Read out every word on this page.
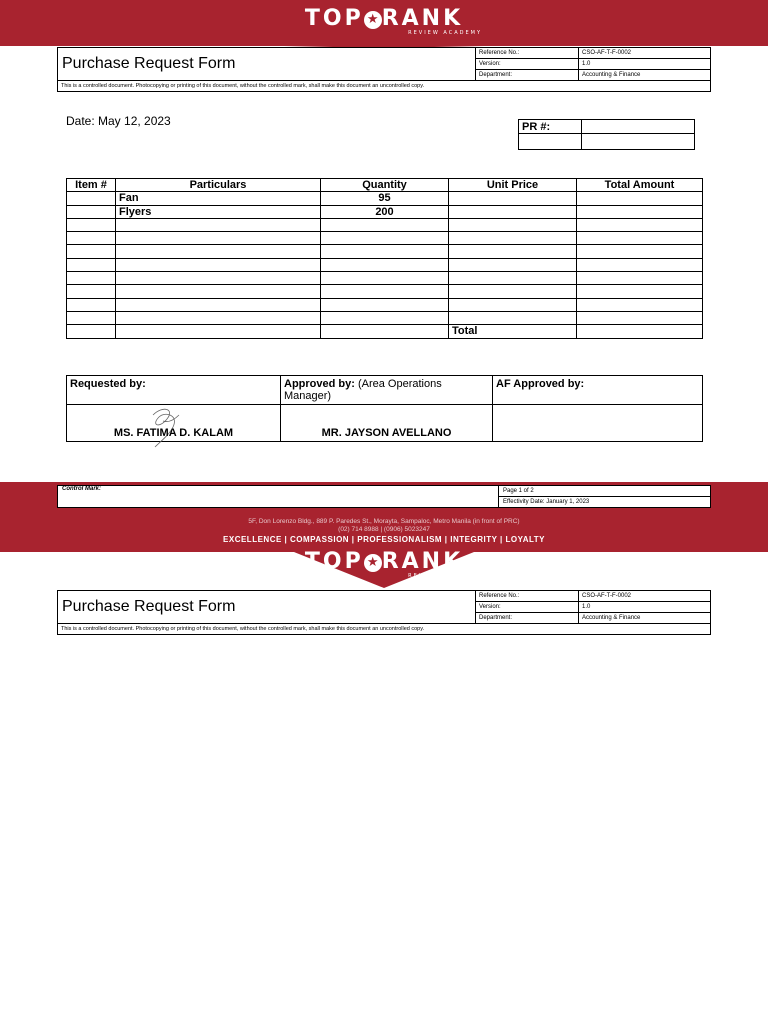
TOP ★ RANK
REVIEW ACADEMY
Purchase Request Form	Reference No.:	CSO-AF-T-F-0002
	Version:	1.0
	Department:	Accounting & Finance
This is a controlled document. Photocopying or printing of this document, without the controlled mark, shall make this document an uncontrolled copy.
Date: May 12, 2023	PR #:	

Item #	Particulars	Quantity	Unit Price	Total Amount
	Fan	95		
	Flyers	200		

			Total	
Requested by:	Approved by: (Area Operations Manager)	AF Approved by:

MS. FATIMA D. KALAM	MR. JAYSON AVELLANO	
Control Mark:	Page 1 of 2
Effectivity Date: January 1, 2023
5F, Don Lorenzo Bldg., 889 P. Paredes St., Morayta, Sampaloc, Metro Manila (in front of PRC)
(02) 714 8988 | (0906) 5023247
EXCELLENCE | COMPASSION | PROFESSIONALISM | INTEGRITY | LOYALTY
TOP ★ RANK
REVIEW ACADEMY
Purchase Request Form	Reference No.:	CSO-AF-T-F-0002
	Version:	1.0
	Department:	Accounting & Finance
This is a controlled document. Photocopying or printing of this document, without the controlled mark, shall make this document an uncontrolled copy.
